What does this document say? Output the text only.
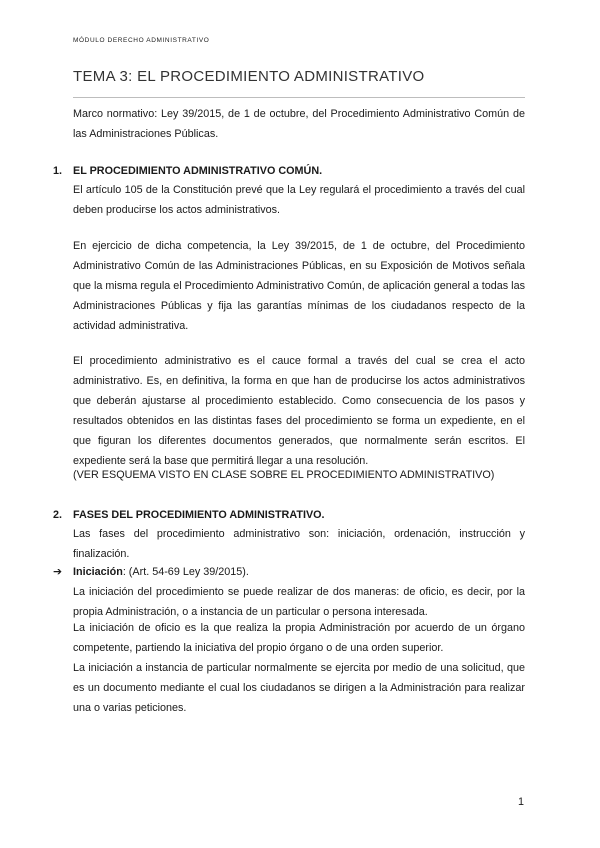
MÓDULO DERECHO ADMINISTRATIVO
TEMA 3: EL PROCEDIMIENTO ADMINISTRATIVO

Marco normativo: Ley 39/2015, de 1 de octubre, del Procedimiento Administrativo Común de las Administraciones Públicas.

1. EL PROCEDIMIENTO ADMINISTRATIVO COMÚN.

El artículo 105 de la Constitución prevé que la Ley regulará el procedimiento a través del cual deben producirse los actos administrativos.

En ejercicio de dicha competencia, la Ley 39/2015, de 1 de octubre, del Procedimiento Administrativo Común de las Administraciones Públicas, en su Exposición de Motivos señala que la misma regula el Procedimiento Administrativo Común, de aplicación general a todas las Administraciones Públicas y fija las garantías mínimas de los ciudadanos respecto de la actividad administrativa.

El procedimiento administrativo es el cauce formal a través del cual se crea el acto administrativo. Es, en definitiva, la forma en que han de producirse los actos administrativos que deberán ajustarse al procedimiento establecido. Como consecuencia de los pasos y resultados obtenidos en las distintas fases del procedimiento se forma un expediente, en el que figuran los diferentes documentos generados, que normalmente serán escritos. El expediente será la base que permitirá llegar a una resolución.

(VER ESQUEMA VISTO EN CLASE SOBRE EL PROCEDIMIENTO ADMINISTRATIVO)

2. FASES DEL PROCEDIMIENTO ADMINISTRATIVO.

Las fases del procedimiento administrativo son: iniciación, ordenación, instrucción y finalización.

➔ Iniciación: (Art. 54-69 Ley 39/2015).

La iniciación del procedimiento se puede realizar de dos maneras: de oficio, es decir, por la propia Administración, o a instancia de un particular o persona interesada.

La iniciación de oficio es la que realiza la propia Administración por acuerdo de un órgano competente, partiendo la iniciativa del propio órgano o de una orden superior.

La iniciación a instancia de particular normalmente se ejercita por medio de una solicitud, que es un documento mediante el cual los ciudadanos se dirigen a la Administración para realizar una o varias peticiones.

1
